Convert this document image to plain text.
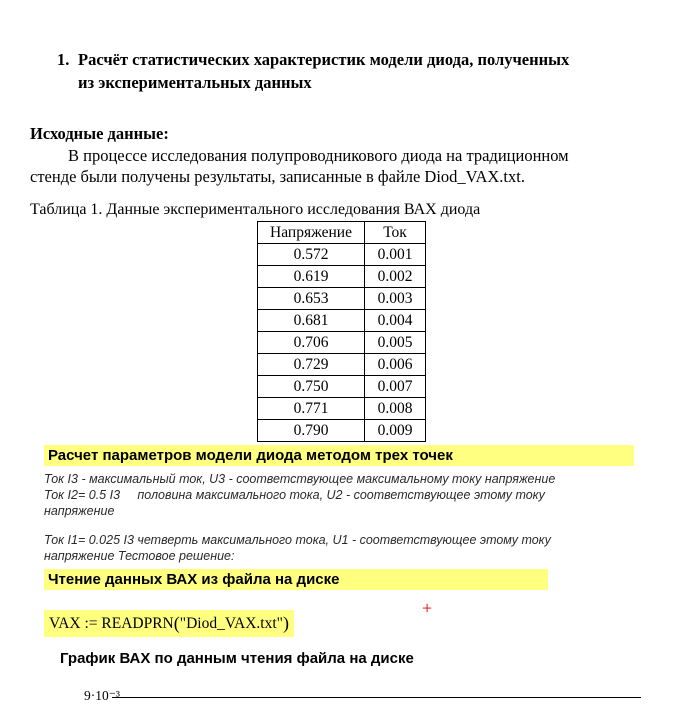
1. Расчёт статистических характеристик модели диода, полученных
из экспериментальных данных
Исходные данные:
В процессе исследования полупроводникового диода на традиционном
стенде были получены результаты, записанные в файле Diod_VAX.txt.
Таблица 1. Данные экспериментального исследования ВАХ диода
Напряжение	Ток
0.572	0.001
0.619	0.002
0.653	0.003
0.681	0.004
0.706	0.005
0.729	0.006
0.750	0.007
0.771	0.008
0.790	0.009
Расчет параметров модели диода методом трех точек
Ток I3 - максимальный ток, U3 - соответствующее максимальному току напряжение
Ток I2= 0.5 I3     половина максимального тока, U2 - соответствующее этому току
напряжение
Ток I1= 0.025 I3 четверть максимального тока, U1 - соответствующее этому току
напряжение Тестовое решение:
Чтение данных ВАХ из файла на диске
VAX := READPRN("Diod_VAX.txt")
+
График ВАХ по данным чтения файла на диске
9·10⁻³
